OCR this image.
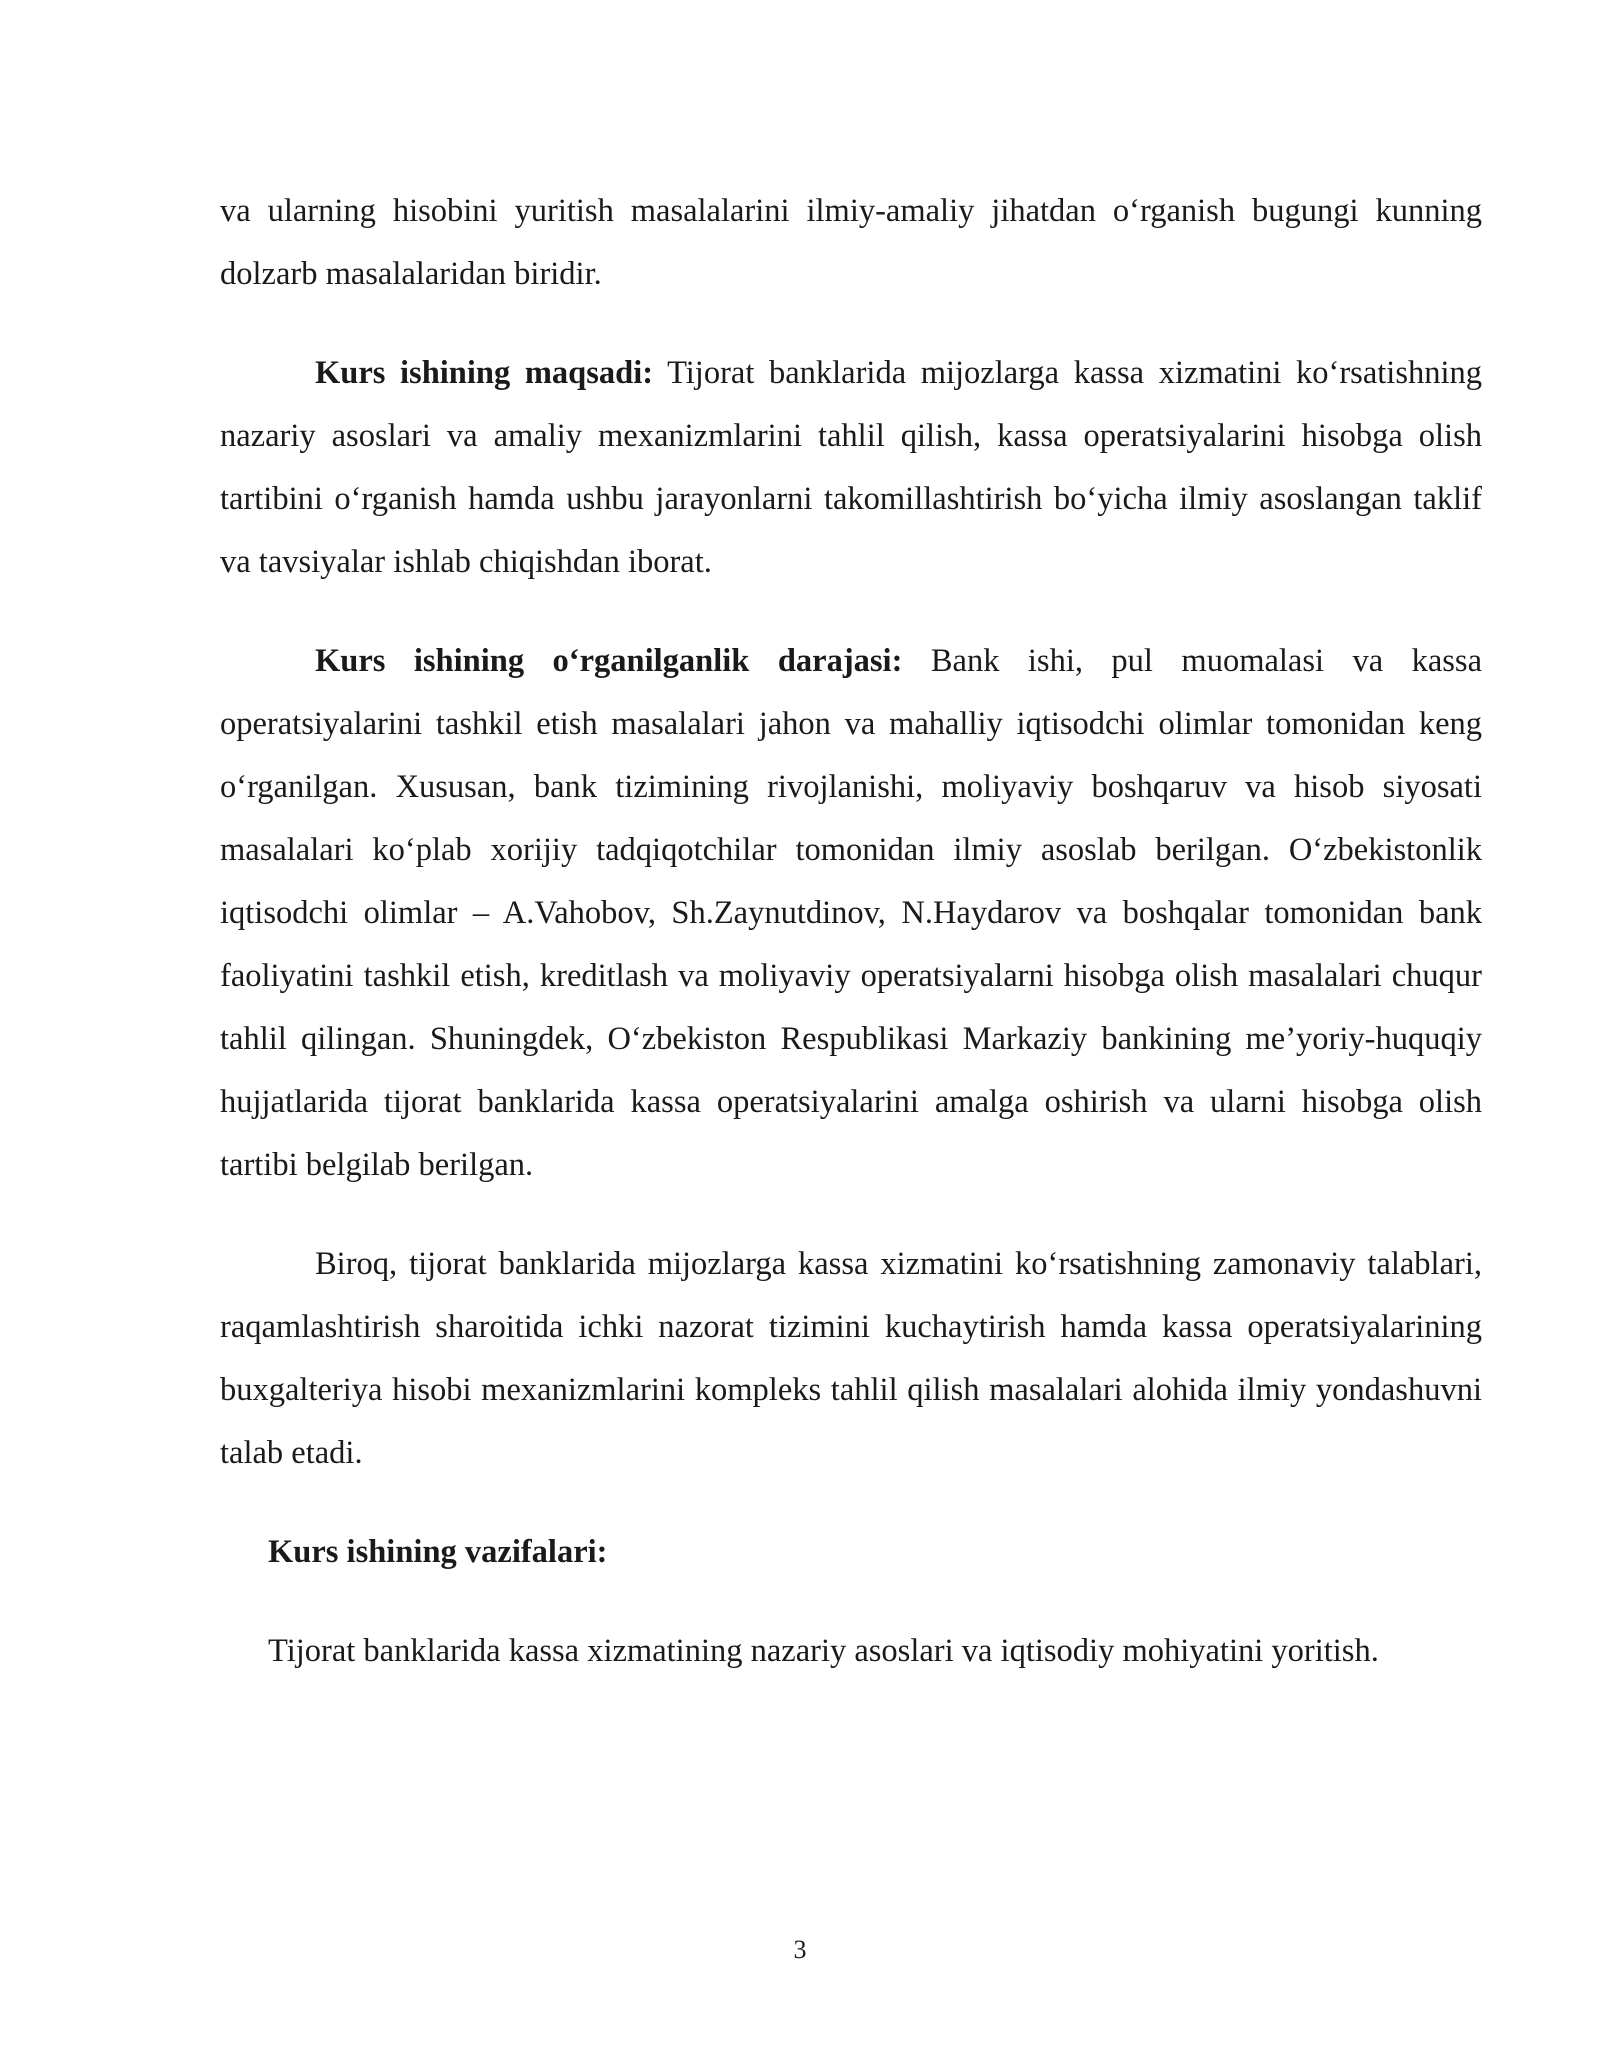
va ularning hisobini yuritish masalalarini ilmiy-amaliy jihatdan o‘rganish bugungi kunning dolzarb masalalaridan biridir.

Kurs ishining maqsadi: Tijorat banklarida mijozlarga kassa xizmatini ko‘rsatishning nazariy asoslari va amaliy mexanizmlarini tahlil qilish, kassa operatsiyalarini hisobga olish tartibini o‘rganish hamda ushbu jarayonlarni takomillashtirish bo‘yicha ilmiy asoslangan taklif va tavsiyalar ishlab chiqishdan iborat.

Kurs ishining o‘rganilganlik darajasi: Bank ishi, pul muomalasi va kassa operatsiyalarini tashkil etish masalalari jahon va mahalliy iqtisodchi olimlar tomonidan keng o‘rganilgan. Xususan, bank tizimining rivojlanishi, moliyaviy boshqaruv va hisob siyosati masalalari ko‘plab xorijiy tadqiqotchilar tomonidan ilmiy asoslab berilgan. O‘zbekistonlik iqtisodchi olimlar – A.Vahobov, Sh.Zaynutdinov, N.Haydarov va boshqalar tomonidan bank faoliyatini tashkil etish, kreditlash va moliyaviy operatsiyalarni hisobga olish masalalari chuqur tahlil qilingan. Shuningdek, O‘zbekiston Respublikasi Markaziy bankining me’yoriy-huquqiy hujjatlarida tijorat banklarida kassa operatsiyalarini amalga oshirish va ularni hisobga olish tartibi belgilab berilgan.

Biroq, tijorat banklarida mijozlarga kassa xizmatini ko‘rsatishning zamonaviy talablari, raqamlashtirish sharoitida ichki nazorat tizimini kuchaytirish hamda kassa operatsiyalarining buxgalteriya hisobi mexanizmlarini kompleks tahlil qilish masalalari alohida ilmiy yondashuvni talab etadi.

Kurs ishining vazifalari:

Tijorat banklarida kassa xizmatining nazariy asoslari va iqtisodiy mohiyatini yoritish.

3
